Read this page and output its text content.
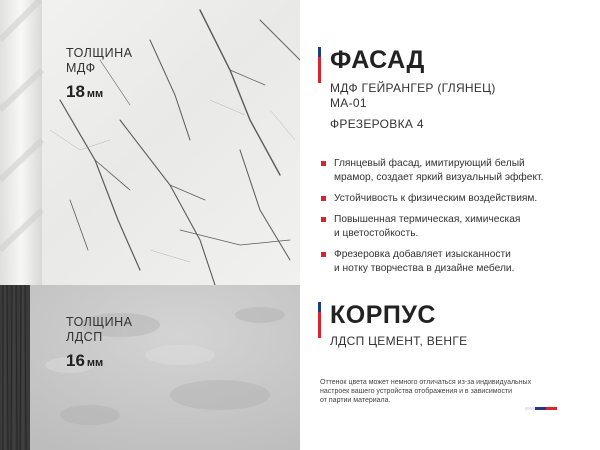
ТОЛЩИНА
МДФ
18 мм
ТОЛЩИНА
ЛДСП
16 мм
ФАСАД
МДФ ГЕЙРАНГЕР (ГЛЯНЕЦ)
MA-01
ФРЕЗЕРОВКА 4
Глянцевый фасад, имитирующий белый
мрамор, создает яркий визуальный эффект.
Устойчивость к физическим воздействиям.
Повышенная термическая, химическая
и цветостойкость.
Фрезеровка добавляет изысканности
и нотку творчества в дизайне мебели.
КОРПУС
ЛДСП ЦЕМЕНТ, ВЕНГЕ
Оттенок цвета может немного отличаться из-за индивидуальных
настроек вашего устройства отображения и в зависимости
от партии материала.
